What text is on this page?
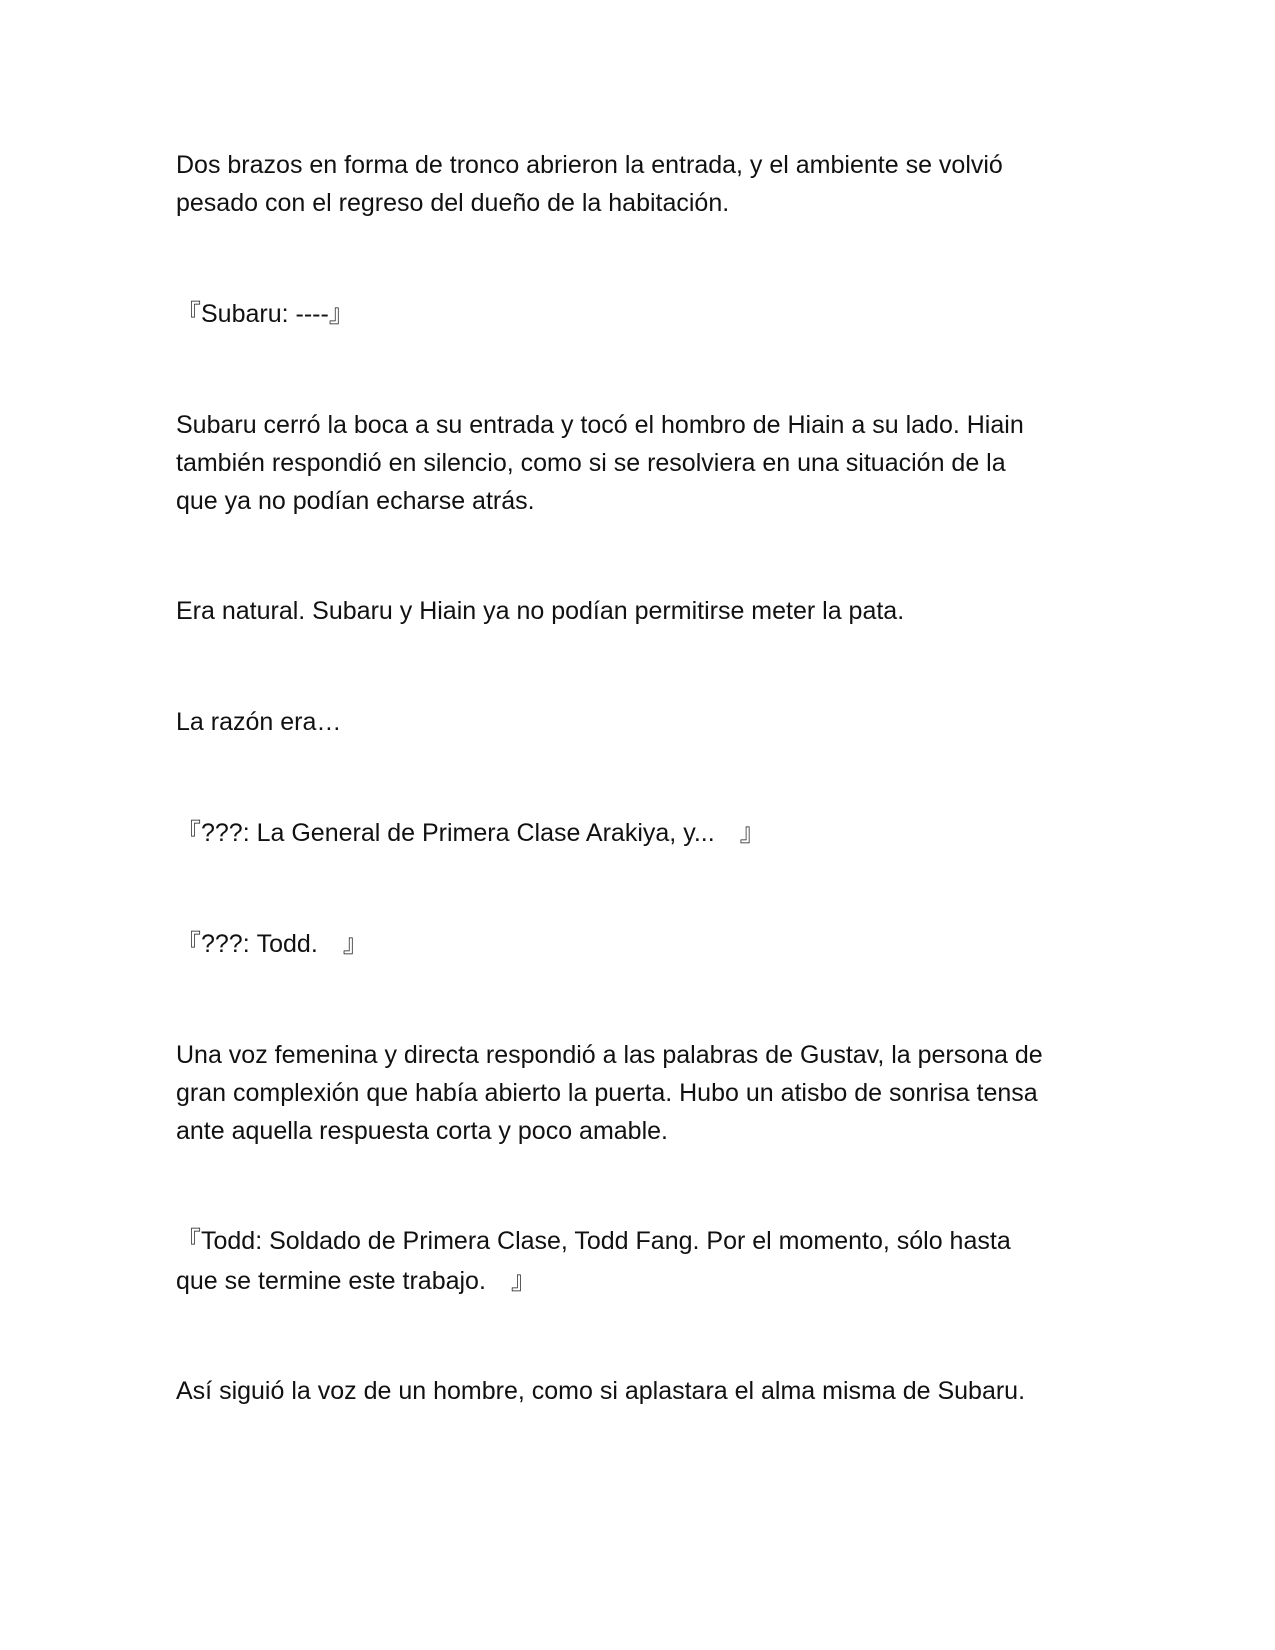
Dos brazos en forma de tronco abrieron la entrada, y el ambiente se volvió

pesado con el regreso del dueño de la habitación.

『Subaru: ----』

Subaru cerró la boca a su entrada y tocó el hombro de Hiain a su lado. Hiain

también respondió en silencio, como si se resolviera en una situación de la

que ya no podían echarse atrás.

Era natural. Subaru y Hiain ya no podían permitirse meter la pata.

La razón era…

『???: La General de Primera Clase Arakiya, y...　』

『???: Todd.　』

Una voz femenina y directa respondió a las palabras de Gustav, la persona de

gran complexión que había abierto la puerta. Hubo un atisbo de sonrisa tensa

ante aquella respuesta corta y poco amable.

『Todd: Soldado de Primera Clase, Todd Fang. Por el momento, sólo hasta

que se termine este trabajo.　』

Así siguió la voz de un hombre, como si aplastara el alma misma de Subaru.
